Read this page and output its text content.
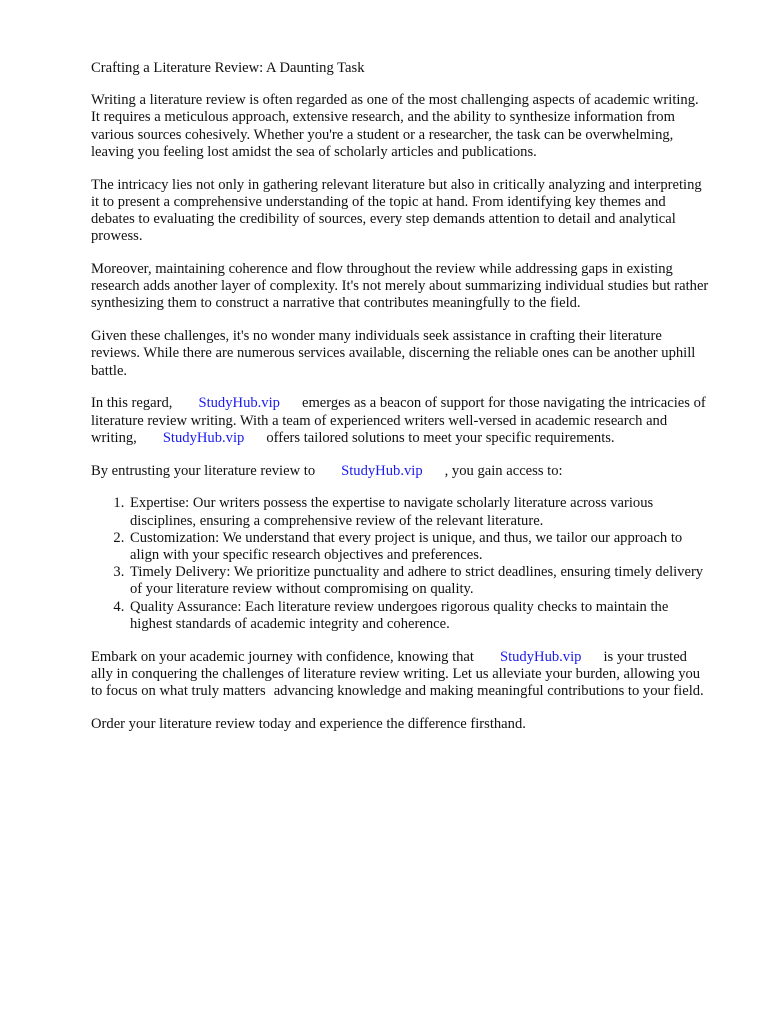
Crafting a Literature Review: A Daunting Task

Writing a literature review is often regarded as one of the most challenging aspects of academic writing. It requires a meticulous approach, extensive research, and the ability to synthesize information from various sources cohesively. Whether you're a student or a researcher, the task can be overwhelming, leaving you feeling lost amidst the sea of scholarly articles and publications.

The intricacy lies not only in gathering relevant literature but also in critically analyzing and interpreting it to present a comprehensive understanding of the topic at hand. From identifying key themes and debates to evaluating the credibility of sources, every step demands attention to detail and analytical prowess.

Moreover, maintaining coherence and flow throughout the review while addressing gaps in existing research adds another layer of complexity. It's not merely about summarizing individual studies but rather synthesizing them to construct a narrative that contributes meaningfully to the field.

Given these challenges, it's no wonder many individuals seek assistance in crafting their literature reviews. While there are numerous services available, discerning the reliable ones can be another uphill battle.

In this regard, StudyHub.vip emerges as a beacon of support for those navigating the intricacies of literature review writing. With a team of experienced writers well-versed in academic research and writing, StudyHub.vip offers tailored solutions to meet your specific requirements.

By entrusting your literature review to StudyHub.vip , you gain access to:

1. Expertise: Our writers possess the expertise to navigate scholarly literature across various disciplines, ensuring a comprehensive review of the relevant literature.
2. Customization: We understand that every project is unique, and thus, we tailor our approach to align with your specific research objectives and preferences.
3. Timely Delivery: We prioritize punctuality and adhere to strict deadlines, ensuring timely delivery of your literature review without compromising on quality.
4. Quality Assurance: Each literature review undergoes rigorous quality checks to maintain the highest standards of academic integrity and coherence.

Embark on your academic journey with confidence, knowing that StudyHub.vip is your trusted ally in conquering the challenges of literature review writing. Let us alleviate your burden, allowing you to focus on what truly matters advancing knowledge and making meaningful contributions to your field.

Order your literature review today and experience the difference firsthand.
